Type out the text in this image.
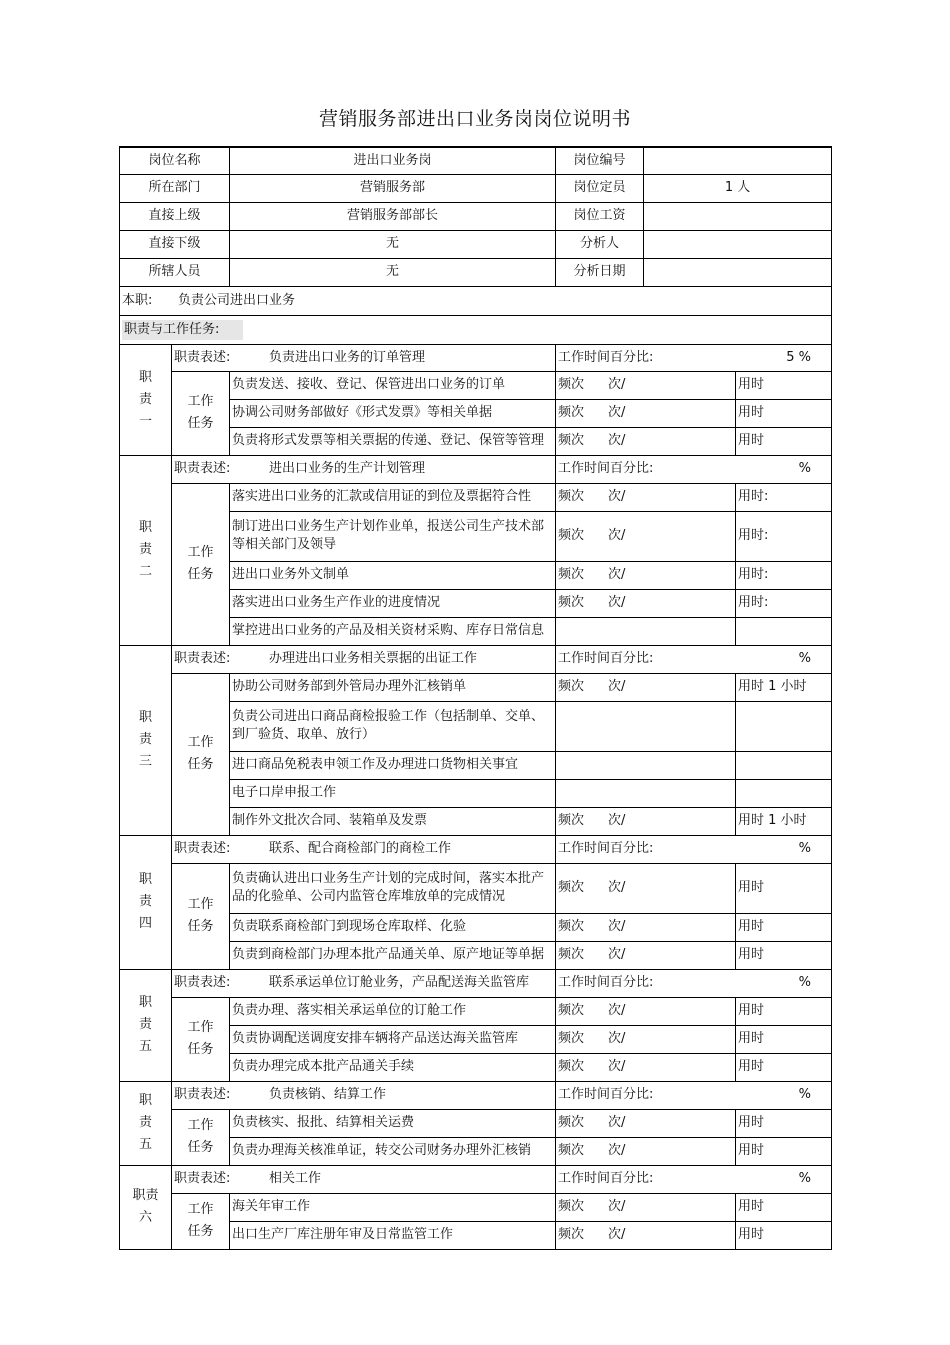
营销服务部进出口业务岗岗位说明书
岗位名称		进出口业务岗	岗位编号		
所在部门		营销服务部	岗位定员	1 人	
直接上级		营销服务部部长	岗位工资		
直接下级		无	分析人		
所辖人员		无	分析日期		
本职: 负责公司进出口业务					
职责与工作任务:					
职
责
一	职责表述: 负责进出口业务的订单管理		工作时间百分比: 5 %		

	工作
任务	负责发送、接收、登记、保管进出口业务的订单	频次 次/		用时
		协调公司财务部做好《形式发票》等相关单据	频次 次/		用时
		负责将形式发票等相关票据的传递、登记、保管等管理	频次 次/		用时
职
责
二	职责表述: 进出口业务的生产计划管理		工作时间百分比: %		

	工作
任务	落实进出口业务的汇款或信用证的到位及票据符合性	频次 次/		用时:
		制订进出口业务生产计划作业单，报送公司生产技术部等相关部门及领导	频次 次/		用时:
		进出口业务外文制单	频次 次/		用时:
		落实进出口业务生产作业的进度情况	频次 次/		用时:
		掌控进出口业务的产品及相关资材采购、库存日常信息			
职
责
三	职责表述: 办理进出口业务相关票据的出证工作		工作时间百分比: %		

	工作
任务	协助公司财务部到外管局办理外汇核销单	频次 次/		用时 1 小时
		负责公司进出口商品商检报验工作（包括制单、交单、到厂验货、取单、放行）			
		进口商品免税表申领工作及办理进口货物相关事宜			
		电子口岸申报工作			
		制作外文批次合同、装箱单及发票	频次 次/		用时 1 小时
职
责
四	职责表述: 联系、配合商检部门的商检工作		工作时间百分比: %		

	工作
任务	负责确认进出口业务生产计划的完成时间，落实本批产品的化验单、公司内监管仓库堆放单的完成情况	频次 次/		用时
		负责联系商检部门到现场仓库取样、化验	频次 次/		用时
		负责到商检部门办理本批产品通关单、原产地证等单据	频次 次/		用时
职
责
五	职责表述: 联系承运单位订舱业务，产品配送海关监管库		工作时间百分比: %		

	工作
任务	负责办理、落实相关承运单位的订舱工作	频次 次/		用时
		负责协调配送调度安排车辆将产品送达海关监管库	频次 次/		用时
		负责办理完成本批产品通关手续	频次 次/		用时
职
责
五	职责表述: 负责核销、结算工作		工作时间百分比: %		

	工作
任务	负责核实、报批、结算相关运费	频次 次/		用时
		负责办理海关核准单证，转交公司财务办理外汇核销	频次 次/		用时
职责
六	职责表述: 相关工作		工作时间百分比: %		

	工作
任务	海关年审工作	频次 次/		用时
		出口生产厂库注册年审及日常监管工作	频次 次/		用时
